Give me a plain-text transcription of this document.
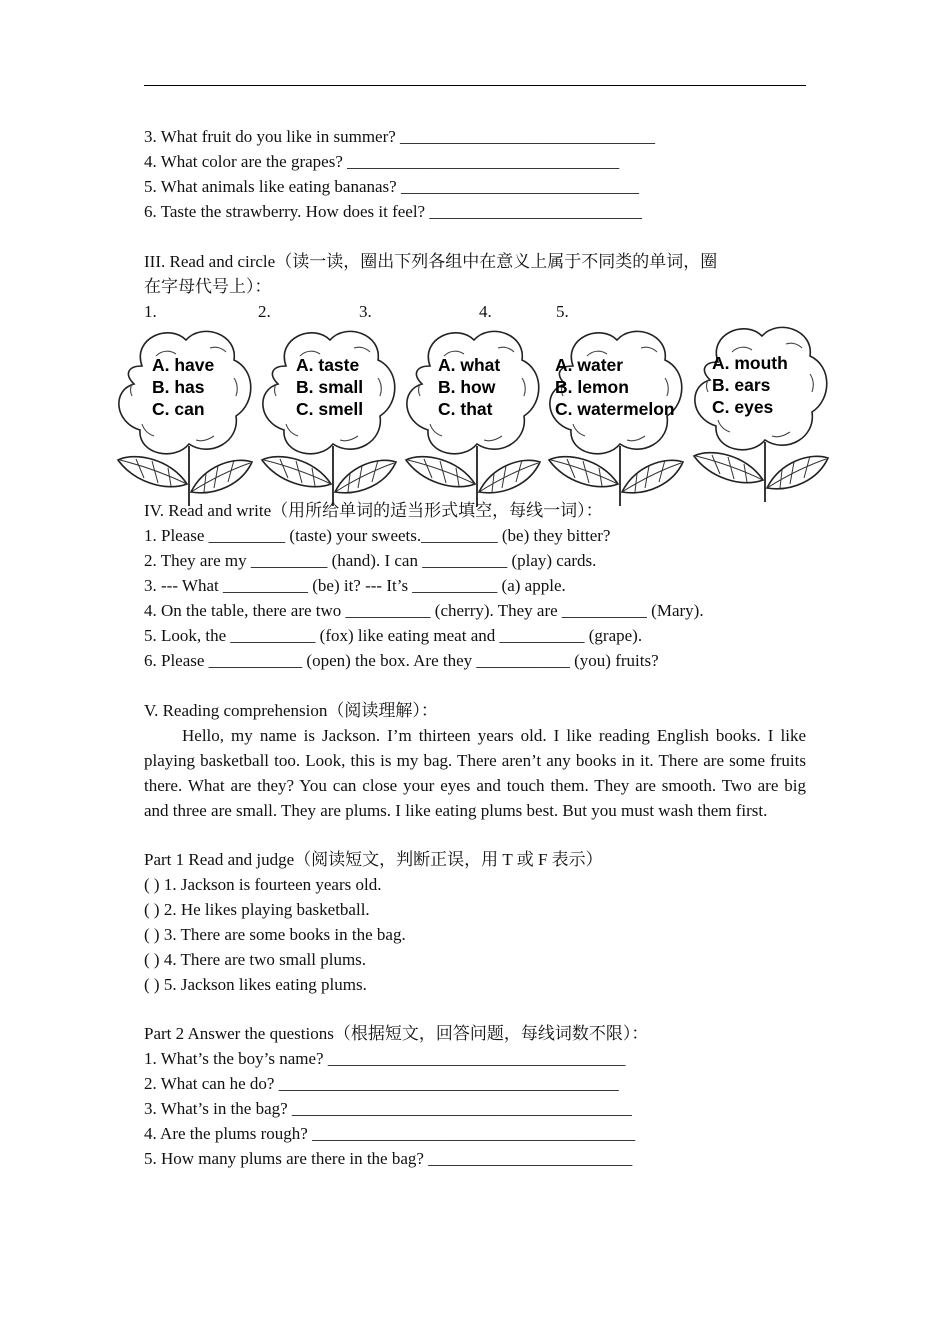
3. What fruit do you like in summer? ______________________________
4. What color are the grapes? ________________________________
5. What animals like eating bananas? ____________________________
6. Taste the strawberry. How does it feel? _________________________
III. Read and circle（读一读，圈出下列各组中在意义上属于不同类的单词，圈
在字母代号上）：
1.	2.	3.	4.	5.
A. have
B. has
C. can
A. taste
B. small
C. smell
A. what
B. how
C. that
A. water
B. lemon
C. watermelon
A. mouth
B. ears
C. eyes
IV. Read and write（用所给单词的适当形式填空，每线一词）：
1. Please _________ (taste) your sweets._________ (be) they bitter?
2. They are my _________ (hand). I can __________ (play) cards.
3. --- What __________ (be) it? --- It’s __________ (a) apple.
4. On the table, there are two __________ (cherry). They are __________ (Mary).
5. Look, the __________ (fox) like eating meat and __________ (grape).
6. Please ___________ (open) the box. Are they ___________ (you) fruits?
V. Reading comprehension（阅读理解）：
Hello, my name is Jackson. I’m thirteen years old. I like reading English books. I like playing basketball too. Look, this is my bag. There aren’t any books in it. There are some fruits there. What are they? You can close your eyes and touch them. They are smooth. Two are big and three are small. They are plums. I like eating plums best. But you must wash them first.
Part 1 Read and judge（阅读短文，判断正误，用 T 或 F 表示）
( ) 1. Jackson is fourteen years old.
( ) 2. He likes playing basketball.
( ) 3. There are some books in the bag.
( ) 4. There are two small plums.
( ) 5. Jackson likes eating plums.
Part 2 Answer the questions（根据短文，回答问题，每线词数不限）：
1. What’s the boy’s name? ___________________________________
2. What can he do? ________________________________________
3. What’s in the bag? ________________________________________
4. Are the plums rough? ______________________________________
5. How many plums are there in the bag? ________________________
